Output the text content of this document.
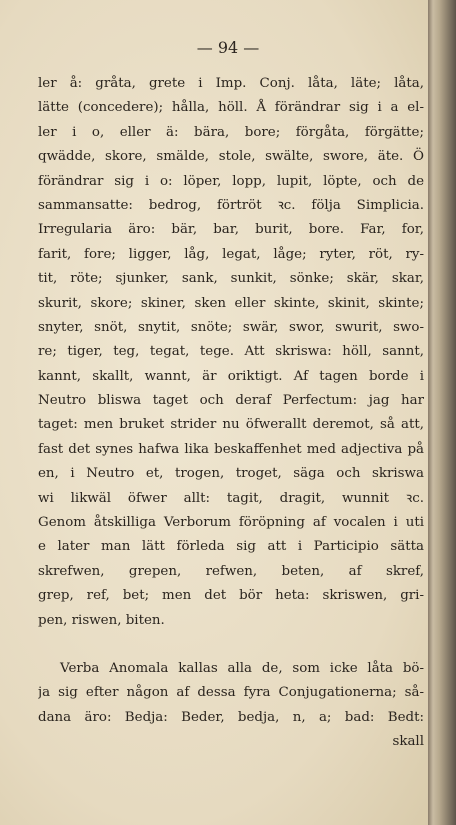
— 94 —
ler å: gråta, grete i Imp. Conj. låta, läte; låta,
lätte (concedere); hålla, höll. Å förändrar sig i a el-
ler i o, eller ä: bära, bore; förgåta, förgätte;
qwädde, skore, smälde, stole, swälte, swore, äte. Ö
förändrar sig i o: löper, lopp, lupit, löpte, och de
sammansatte: bedrog, förtröt ꝛc. följa Simplicia.
Irregularia äro: bär, bar, burit, bore. Far, for,
farit, fore; ligger, låg, legat, låge; ryter, röt, ry-
tit, röte; sjunker, sank, sunkit, sönke; skär, skar,
skurit, skore; skiner, sken eller skinte, skinit, skinte;
snyter, snöt, snytit, snöte; swär, swor, swurit, swo-
re; tiger, teg, tegat, tege. Att skriswa: höll, sannt,
kannt, skallt, wannt, är oriktigt. Af tagen borde i
Neutro bliswa taget och deraf Perfectum: jag har
taget: men bruket strider nu öfwerallt deremot, så att,
fast det synes hafwa lika beskaffenhet med adjectiva på
en, i Neutro et, trogen, troget, säga och skriswa
wi likwäl öfwer allt: tagit, dragit, wunnit ꝛc.
Genom åtskilliga Verborum föröpning af vocalen i uti
e later man lätt förleda sig att i Participio sätta
skrefwen, grepen, refwen, beten, af skref,
grep, ref, bet; men det bör heta: skriswen, gri-
pen, riswen, biten.
Verba Anomala kallas alla de, som icke låta bö-
ja sig efter någon af dessa fyra Conjugationerna; så-
dana äro: Bedja: Beder, bedja, n, a; bad: Bedt:
skall
